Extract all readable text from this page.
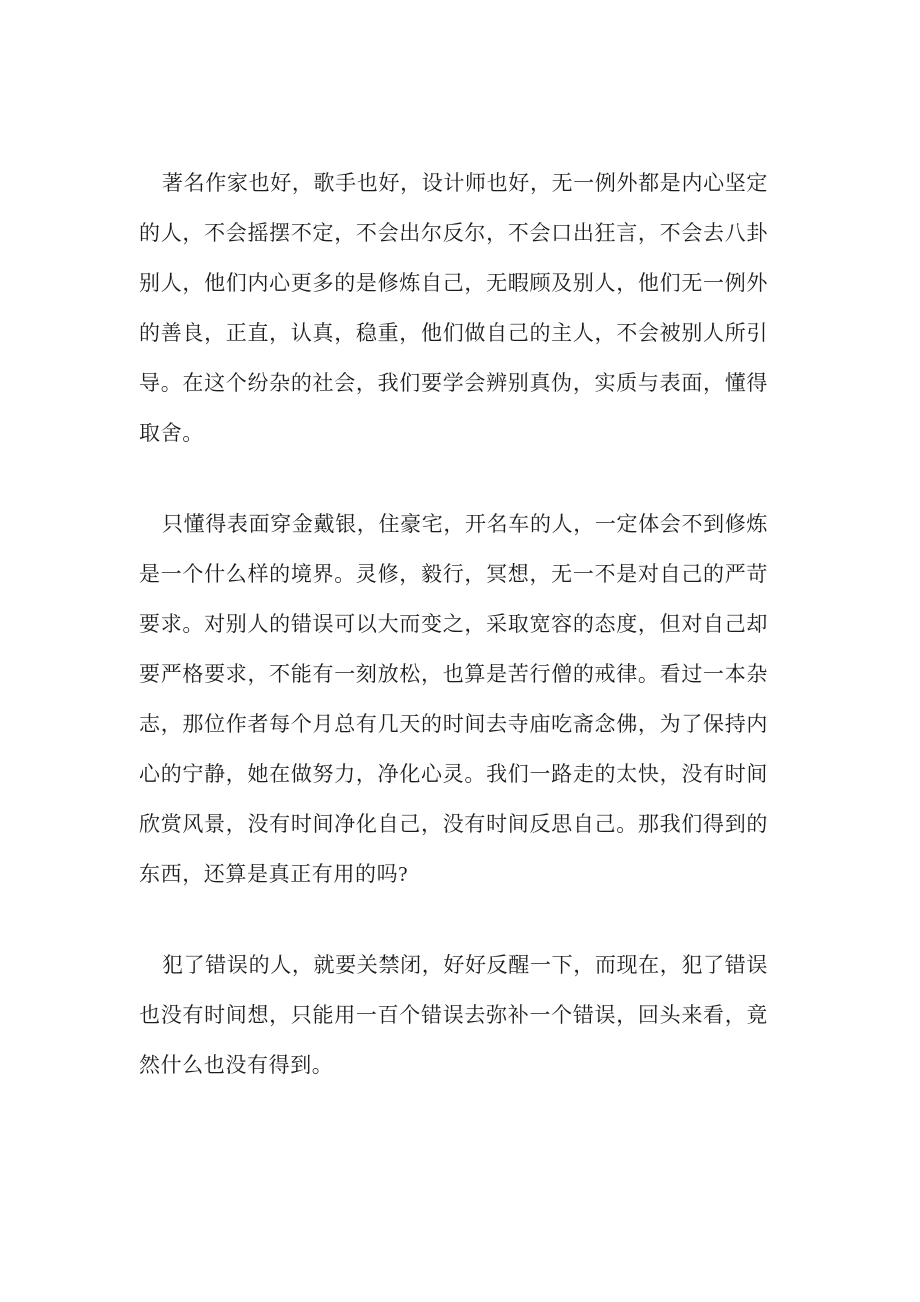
著名作家也好，歌手也好，设计师也好，无一例外都是内心坚定的人，不会摇摆不定，不会出尔反尔，不会口出狂言，不会去八卦别人，他们内心更多的是修炼自己，无暇顾及别人，他们无一例外的善良，正直，认真，稳重，他们做自己的主人，不会被别人所引导。在这个纷杂的社会，我们要学会辨别真伪，实质与表面，懂得取舍。

只懂得表面穿金戴银，住豪宅，开名车的人，一定体会不到修炼是一个什么样的境界。灵修，毅行，冥想，无一不是对自己的严苛要求。对别人的错误可以大而变之，采取宽容的态度，但对自己却要严格要求，不能有一刻放松，也算是苦行僧的戒律。看过一本杂志，那位作者每个月总有几天的时间去寺庙吃斋念佛，为了保持内心的宁静，她在做努力，净化心灵。我们一路走的太快，没有时间欣赏风景，没有时间净化自己，没有时间反思自己。那我们得到的东西，还算是真正有用的吗?

犯了错误的人，就要关禁闭，好好反醒一下，而现在，犯了错误也没有时间想，只能用一百个错误去弥补一个错误，回头来看，竟然什么也没有得到。
